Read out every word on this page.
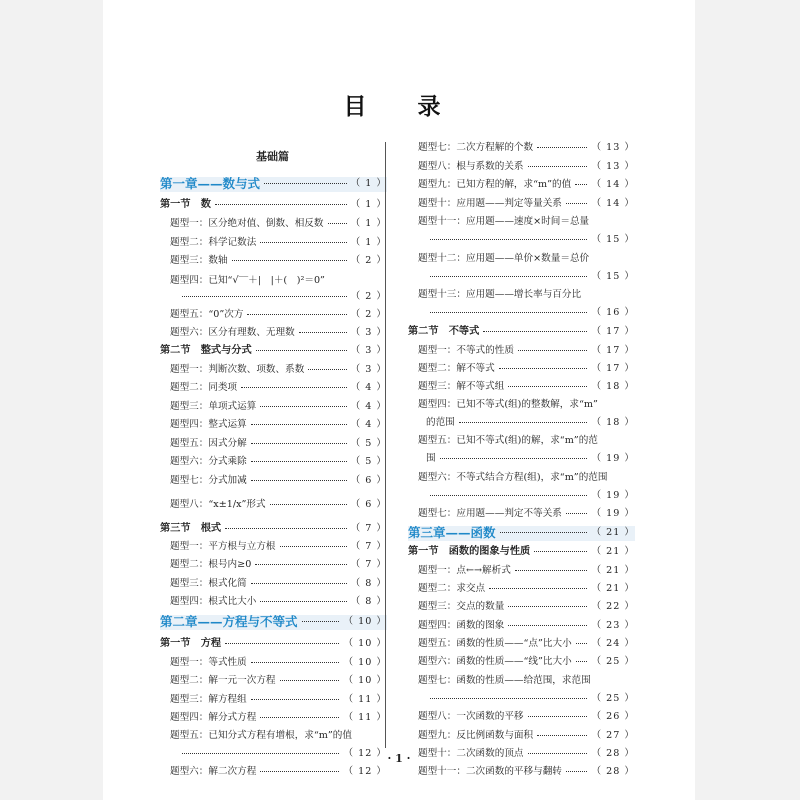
目　录
基础篇
第一章——数与式	（ 1 ）
第一节　数	（ 1 ）
题型一：区分绝对值、倒数、相反数	（ 1 ）
题型二：科学记数法	（ 1 ）
题型三：数轴	（ 2 ）
题型四：已知“√‾‾＋|　|＋(　)²＝0”
（ 2 ）
题型五：“0”次方	（ 2 ）
题型六：区分有理数、无理数	（ 3 ）
第二节　整式与分式	（ 3 ）
题型一：判断次数、项数、系数	（ 3 ）
题型二：同类项	（ 4 ）
题型三：单项式运算	（ 4 ）
题型四：整式运算	（ 4 ）
题型五：因式分解	（ 5 ）
题型六：分式乘除	（ 5 ）
题型七：分式加减	（ 6 ）
题型八：“x±1/x”形式	（ 6 ）
第三节　根式	（ 7 ）
题型一：平方根与立方根	（ 7 ）
题型二：根号内≥0	（ 7 ）
题型三：根式化简	（ 8 ）
题型四：根式比大小	（ 8 ）
第二章——方程与不等式	（ 10 ）
第一节　方程	（ 10 ）
题型一：等式性质	（ 10 ）
题型二：解一元一次方程	（ 10 ）
题型三：解方程组	（ 11 ）
题型四：解分式方程	（ 11 ）
题型五：已知分式方程有增根，求“m”的值
（ 12 ）
题型六：解二次方程	（ 12 ）
题型七：二次方程解的个数	（ 13 ）
题型八：根与系数的关系	（ 13 ）
题型九：已知方程的解，求“m”的值 （ 14 ）
题型十：应用题——判定等量关系	（ 14 ）
题型十一：应用题——速度×时间＝总量
（ 15 ）
题型十二：应用题——单价×数量＝总价
（ 15 ）
题型十三：应用题——增长率与百分比
（ 16 ）
第二节　不等式	（ 17 ）
题型一：不等式的性质	（ 17 ）
题型二：解不等式	（ 17 ）
题型三：解不等式组	（ 18 ）
题型四：已知不等式(组)的整数解，求“m”
的范围	（ 18 ）
题型五：已知不等式(组)的解，求“m”的范
围	（ 19 ）
题型六：不等式结合方程(组)，求“m”的范围
（ 19 ）
题型七：应用题——判定不等关系	（ 19 ）
第三章——函数	（ 21 ）
第一节　函数的图象与性质	（ 21 ）
题型一：点←→解析式	（ 21 ）
题型二：求交点	（ 21 ）
题型三：交点的数量	（ 22 ）
题型四：函数的图象	（ 23 ）
题型五：函数的性质——“点”比大小 （ 24 ）
题型六：函数的性质——“线”比大小 （ 25 ）
题型七：函数的性质——给范围，求范围
（ 25 ）
题型八：一次函数的平移	（ 26 ）
题型九：反比例函数与面积	（ 27 ）
题型十：二次函数的顶点	（ 28 ）
题型十一：二次函数的平移与翻转	（ 28 ）
· 1 ·
